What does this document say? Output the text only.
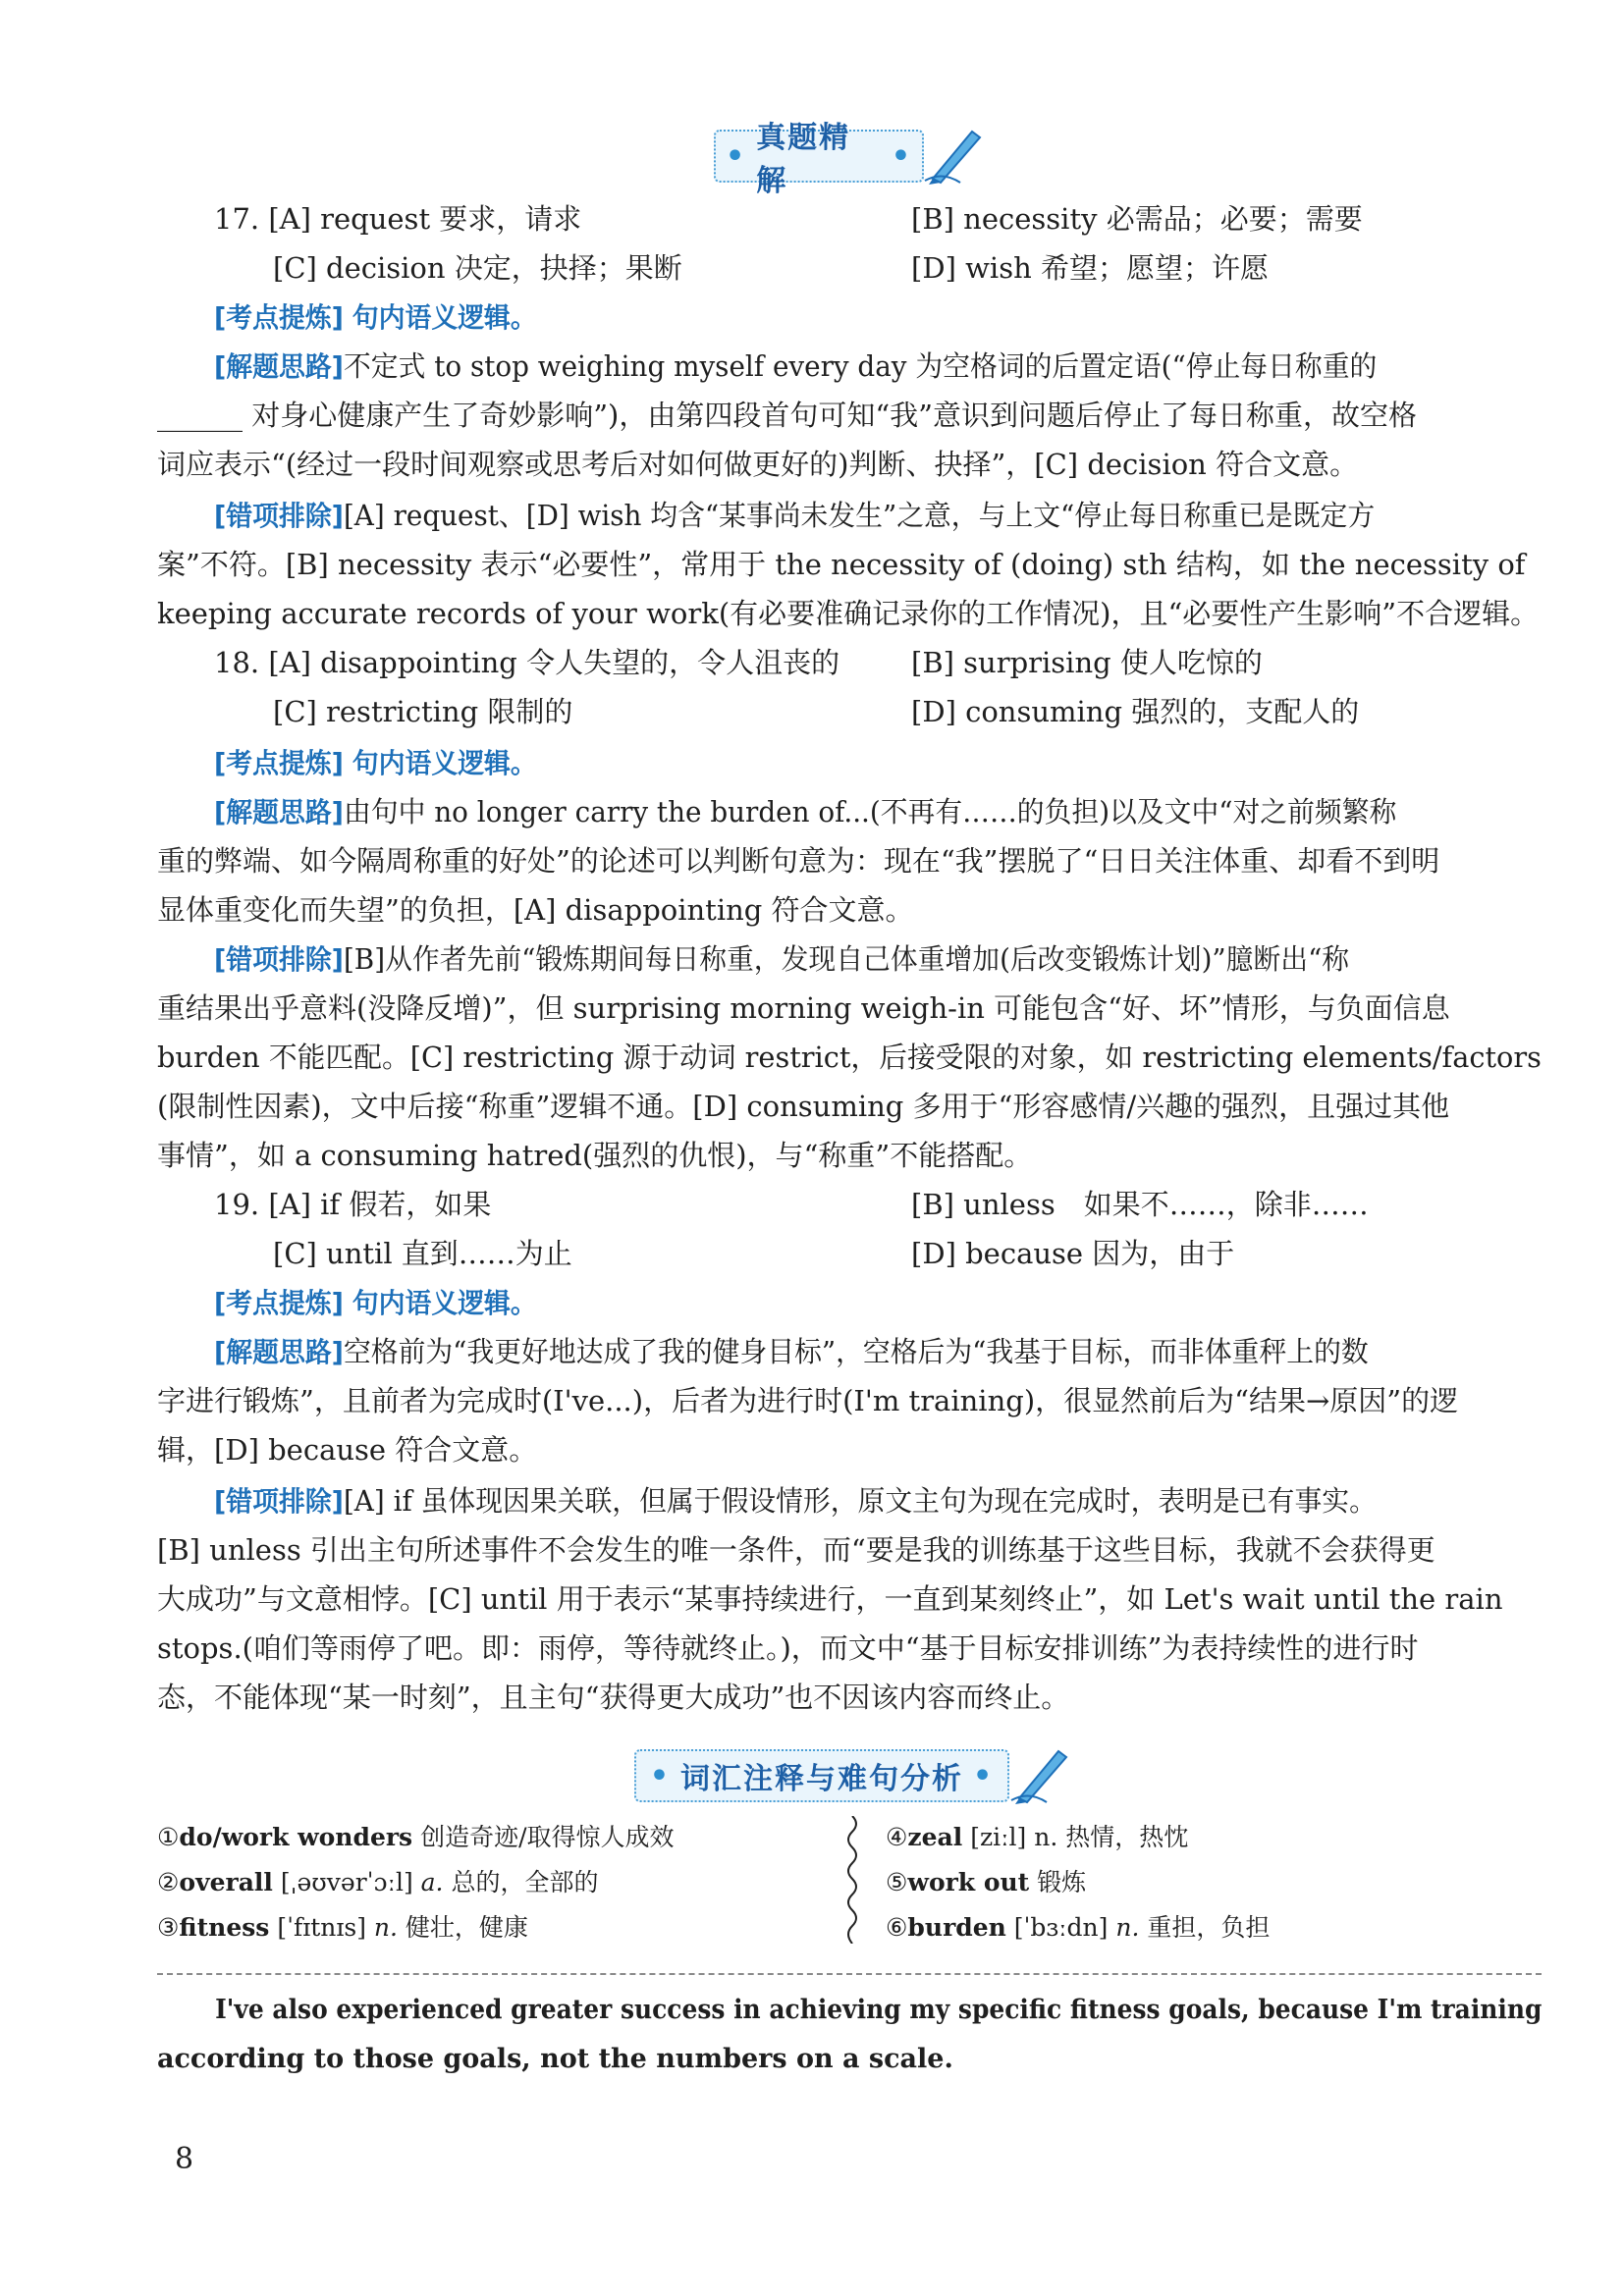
•
真题精解
•
17. [A] request 要求，请求	[B] necessity 必需品；必要；需要
[C] decision 决定，抉择；果断	[D] wish 希望；愿望；许愿
[考点提炼] 句内语义逻辑。
[解题思路]不定式 to stop weighing myself every day 为空格词的后置定语(“停止每日称重的
______ 对身心健康产生了奇妙影响”)，由第四段首句可知“我”意识到问题后停止了每日称重，故空格
词应表示“(经过一段时间观察或思考后对如何做更好的)判断、抉择”，[C] decision 符合文意。
[错项排除][A] request、[D] wish 均含“某事尚未发生”之意，与上文“停止每日称重已是既定方
案”不符。[B] necessity 表示“必要性”，常用于 the necessity of (doing) sth 结构，如 the necessity of
keeping accurate records of your work(有必要准确记录你的工作情况)，且“必要性产生影响”不合逻辑。
18. [A] disappointing 令人失望的，令人沮丧的	[B] surprising 使人吃惊的
[C] restricting 限制的	[D] consuming 强烈的，支配人的
[考点提炼] 句内语义逻辑。
[解题思路]由句中 no longer carry the burden of...(不再有……的负担)以及文中“对之前频繁称
重的弊端、如今隔周称重的好处”的论述可以判断句意为：现在“我”摆脱了“日日关注体重、却看不到明
显体重变化而失望”的负担，[A] disappointing 符合文意。
[错项排除][B]从作者先前“锻炼期间每日称重，发现自己体重增加(后改变锻炼计划)”臆断出“称
重结果出乎意料(没降反增)”，但 surprising morning weigh-in 可能包含“好、坏”情形，与负面信息
burden 不能匹配。[C] restricting 源于动词 restrict，后接受限的对象，如 restricting elements/factors
(限制性因素)，文中后接“称重”逻辑不通。[D] consuming 多用于“形容感情/兴趣的强烈，且强过其他
事情”，如 a consuming hatred(强烈的仇恨)，与“称重”不能搭配。
19. [A] if 假若，如果	[B] unless　如果不……，除非……
[C] until 直到……为止	[D] because 因为，由于
[考点提炼] 句内语义逻辑。
[解题思路]空格前为“我更好地达成了我的健身目标”，空格后为“我基于目标，而非体重秤上的数
字进行锻炼”，且前者为完成时(I've...)，后者为进行时(I'm training)，很显然前后为“结果→原因”的逻
辑，[D] because 符合文意。
[错项排除][A] if 虽体现因果关联，但属于假设情形，原文主句为现在完成时，表明是已有事实。
[B] unless 引出主句所述事件不会发生的唯一条件，而“要是我的训练基于这些目标，我就不会获得更
大成功”与文意相悖。[C] until 用于表示“某事持续进行，一直到某刻终止”，如 Let's wait until the rain
stops.(咱们等雨停了吧。即：雨停，等待就终止。)，而文中“基于目标安排训练”为表持续性的进行时
态，不能体现“某一时刻”，且主句“获得更大成功”也不因该内容而终止。
• 词汇注释与难句分析 •
①do/work wonders 创造奇迹/取得惊人成效
②overall [ˌəʊvərˈɔːl] a. 总的，全部的
③fitness [ˈfɪtnɪs] n. 健壮，健康
④zeal [ziːl] n. 热情，热忱
⑤work out 锻炼
⑥burden [ˈbɜːdn] n. 重担，负担
I've also experienced greater success in achieving my specific fitness goals, because I'm training
according to those goals, not the numbers on a scale.
8
